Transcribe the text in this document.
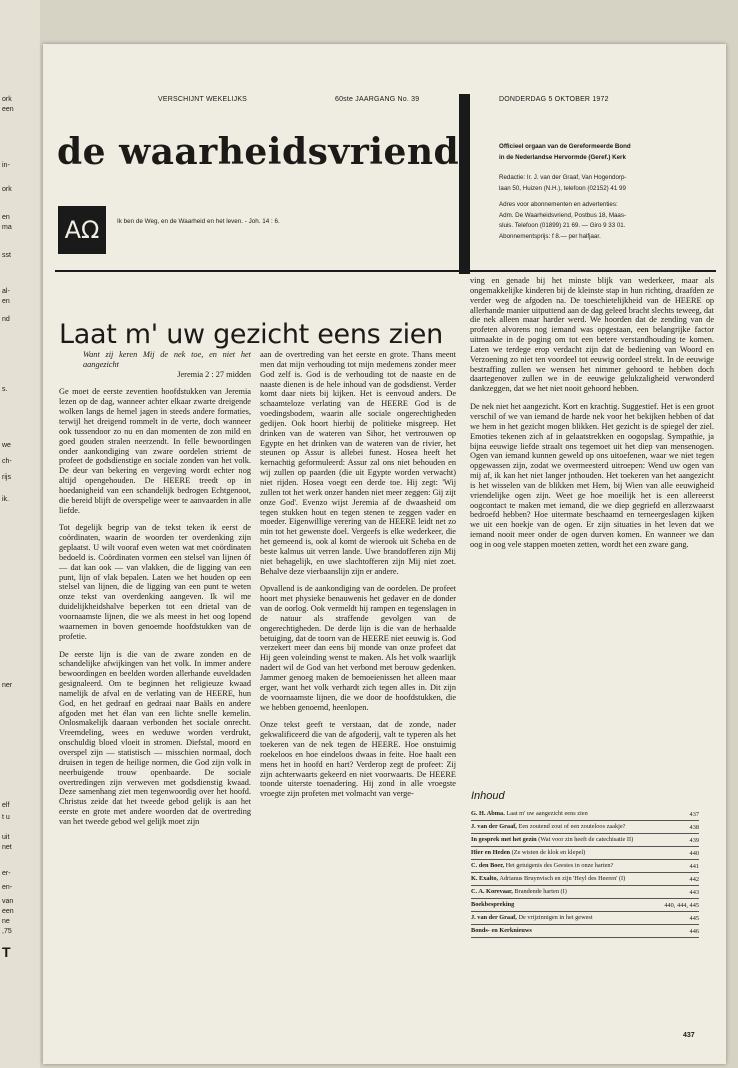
ork
een
in-
ork
en
ma
sst
al-
en
nd
s.
we
ch-
rijs
ik.
ner
elf
t u
uit
net
er-
en-
van
een
ne
,75
T
VERSCHIJNT WEKELIJKS	60ste JAARGANG No. 39	DONDERDAG 5 OKTOBER 1972
de waarheidsvriend
AΩ	Ik ben de Weg, en de Waarheid en het leven. - Joh. 14 : 6.
Officieel orgaan van de Gereformeerde Bond
in de Nederlandse Hervormde (Geref.) Kerk
Redactie: Ir. J. van der Graaf, Van Hogendorp-
laan 50, Huizen (N.H.), telefoon (02152) 41 99
Adres voor abonnementen en advertenties:
Adm. De Waarheidsvriend, Postbus 18, Maas-
sluis. Telefoon (01899) 21 69. — Giro 9 33 01.
Abonnementsprijs: f 8.— per halfjaar.
Laat m' uw gezicht eens zien
Want zij keren Mij de nek toe, en niet het aangezicht
Jeremia 2 : 27 midden

Ge moet de eerste zeventien hoofdstukken van Jeremia lezen op de dag, wanneer achter elkaar zwarte dreigende wolken langs de hemel jagen in steeds andere formaties, terwijl het dreigend rommelt in de verte, doch wanneer ook tussendoor zo nu en dan momenten de zon mild en goed gouden stralen neerzendt. In felle bewoordingen onder aankondiging van zware oordelen striemt de profeet de godsdienstige en sociale zonden van het volk. De deur van bekering en vergeving wordt echter nog altijd opengehouden. De HEERE treedt op in hoedanigheid van een schandelijk bedrogen Echtgenoot, die bereid blijft de overspelige weer te aanvaarden in alle liefde.

Tot degelijk begrip van de tekst teken ik eerst de coördinaten, waarin de woorden ter overdenking zijn geplaatst. U wilt vooraf even weten wat met coördinaten bedoeld is. Coördinaten vormen een stelsel van lijnen óf — dat kan ook — van vlakken, die de ligging van een punt, lijn of vlak bepalen. Laten we het houden op een stelsel van lijnen, die de ligging van een punt te weten onze tekst van overdenking aangeven. Ik wil me duidelijkheidshalve beperken tot een drietal van de voornaamste lijnen, die we als meest in het oog lopend waarnemen in boven genoemde hoofdstukken van de profetie.

De eerste lijn is die van de zware zonden en de schandelijke afwijkingen van het volk. In immer andere bewoordingen en beelden worden allerhande euveldaden gesignaleerd. Om te beginnen het religieuze kwaad namelijk de afval en de verlating van de HEERE, hun God, en het gedraaf en gedraai naar Baäls en andere afgoden met het élan van een lichte snelle kemelin. Onlosmakelijk daaraan verbonden het sociale onrecht. Vreemdeling, wees en weduwe worden verdrukt, onschuldig bloed vloeit in stromen. Diefstal, moord en overspel zijn — statistisch — misschien normaal, doch druisen in tegen de heilige normen, die God zijn volk in neerbuigende trouw openbaarde. De sociale overtredingen zijn verweven met godsdienstig kwaad. Deze samenhang ziet men tegenwoordig over het hoofd. Christus zeide dat het tweede gebod gelijk is aan het eerste en grote met andere woorden dat de overtreding van het tweede gebod wel gelijk moet zijn

aan de overtreding van het eerste en grote. Thans meent men dat mijn verhouding tot mijn medemens zonder meer God zelf is. God is de verhouding tot de naaste en de naaste dienen is de hele inhoud van de godsdienst. Verder komt daar niets bij kijken. Het is eenvoud anders. De schaamteloze verlating van de HEERE God is de voedingsbodem, waarin alle sociale ongerechtigheden gedijen. Ook hoort hierbij de politieke misgreep. Het drinken van de wateren van Sihor, het vertrouwen op Egypte en het drinken van de wateren van de rivier, het steunen op Assur is allebei funest. Hosea heeft het kernachtig geformuleerd: Assur zal ons niet behouden en wij zullen op paarden (die uit Egypte worden verwacht) niet rijden. Hosea voegt een derde toe. Hij zegt: 'Wij zullen tot het werk onzer handen niet meer zeggen: Gij zijt onze God'. Evenzo wijst Jeremia af de dwaasheid om tegen stukken hout en tegen stenen te zeggen vader en moeder. Eigenwillige verering van de HEERE leidt net zo min tot het gewenste doel. Vergeefs is elke wederkeer, die het gemeend is, ook al komt de wierook uit Scheba en de beste kalmus uit verren lande. Uwe brandofferen zijn Mij niet behagelijk, en uwe slachtofferen zijn Mij niet zoet. Behalve deze vierbaanslijn zijn er andere.

Opvallend is de aankondiging van de oordelen. De profeet hoort met physieke benauwenis het gedaver en de donder van de oorlog. Ook vermeldt hij rampen en tegenslagen in de natuur als straffende gevolgen van de ongerechtigheden. De derde lijn is die van de herhaalde betuiging, dat de toorn van de HEERE niet eeuwig is. God verzekert meer dan eens bij monde van onze profeet dat Hij geen voleinding wenst te maken. Als het volk waarlijk nadert wil de God van het verbond met berouw gedenken. Jammer genoeg maken de bemoeienissen het alleen maar erger, want het volk verhardt zich tegen alles in. Dit zijn de voornaamste lijnen, die we door de hoofdstukken, die we hebben genoemd, heenlopen.

Onze tekst geeft te verstaan, dat de zonde, nader gekwalificeerd die van de afgoderij, valt te typeren als het toekeren van de nek tegen de HEERE. Hoe onstuimig roekeloos en hoe eindeloos dwaas in feite. Hoe haalt een mens het in hoofd en hart? Verderop zegt de profeet: Zij zijn achterwaarts gekeerd en niet voorwaarts. De HEERE toonde uiterste toenadering. Hij zond in alle vroegste vroegte zijn profeten met volmacht van verge-

ving en genade bij het minste blijk van wederkeer, maar als ongemakkelijke kinderen bij de kleinste stap in hun richting, draafden ze verder weg de afgoden na. De toeschietelijkheid van de HEERE op allerhande manier uitputtend aan de dag geleed bracht slechts teweeg, dat die nek alleen maar harder werd. We hoorden dat de zending van de profeten alvorens nog iemand was opgestaan, een belangrijke factor uitmaakte in de poging om tot een betere verstandhouding te komen. Laten we terdege erop verdacht zijn dat de bediening van Woord en Verzoening zo niet ten voordeel tot eeuwig oordeel strekt. In de eeuwige bestraffing zullen we wensen het nimmer gehoord te hebben doch daartegenover zullen we in de eeuwige gelukzaligheid verwonderd dankzeggen, dat we het niet nooit gehoord hebben.

De nek niet het aangezicht. Kort en krachtig. Suggestief. Het is een groot verschil of we van iemand de harde nek voor het bekijken hebben of dat we hem in het gezicht mogen blikken. Het gezicht is de spiegel der ziel. Emoties tekenen zich af in gelaatstrekken en oogopslag. Sympathie, ja bijna eeuwige liefde straalt ons tegemoet uit het diep van mensenogen. Ogen van iemand kunnen geweld op ons uitoefenen, waar we niet tegen opgewassen zijn, zodat we overmeesterd uitroepen: Wend uw ogen van mij af, ik kan het niet langer jnthouden. Het toekeren van het aangezicht is het wisselen van de blikken met Hem, bij Wien van alle eeuwigheid vriendelijke ogen zijn. Weet ge hoe moeilijk het is een allereerst oogcontact te maken met iemand, die we diep gegriefd en allerzwaarst bedroefd hebben? Hoe uitermate beschaamd en terneergeslagen kijken we uit een hoekje van de ogen. Er zijn situaties in het leven dat we iemand nooit meer onder de ogen durven komen. En wanneer we dan oog in oog vele stappen moeten zetten, wordt het een zware gang.

Inhoud
G. H. Abma. Laat m' uw aangezicht eens zien	437
J. van der Graaf, Een zoutend zout of een zouteloos zaakje?	438
In gesprek met het gezin (Wat voor zin heeft de catechisatie II)	439
Hier en Heden (Ze wisten de klok en klepel)	440
C. den Boer, Het getuigenis des Geestes in onze harten?	441
K. Exalto, Adrianus Bruynvisch en zijn 'Heyl des Heeren' (I)	442
C. A. Korevaar, Brandende harten (I)	443
Boekbespreking	440, 444, 445
J. van der Graaf, De vrijzinnigen in het gewest	445
Bonds- en Kerknieuws	446
437
